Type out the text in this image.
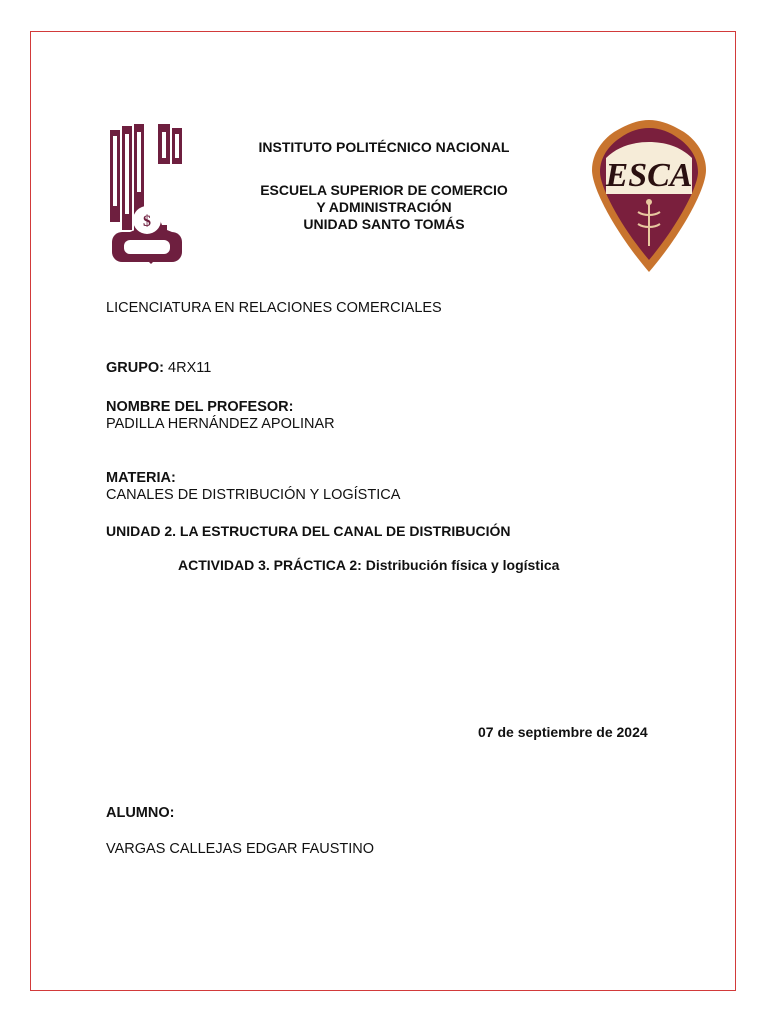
$
ESCA
INSTITUTO POLITÉCNICO NACIONAL
ESCUELA SUPERIOR DE COMERCIO
Y ADMINISTRACIÓN
UNIDAD SANTO TOMÁS
LICENCIATURA EN RELACIONES COMERCIALES
GRUPO: 4RX11
NOMBRE DEL PROFESOR:
PADILLA HERNÁNDEZ APOLINAR
MATERIA:
CANALES DE DISTRIBUCIÓN Y LOGÍSTICA
UNIDAD 2. LA ESTRUCTURA DEL CANAL DE DISTRIBUCIÓN
ACTIVIDAD 3. PRÁCTICA 2: Distribución física y logística
07 de septiembre de 2024
ALUMNO:
VARGAS CALLEJAS EDGAR FAUSTINO
